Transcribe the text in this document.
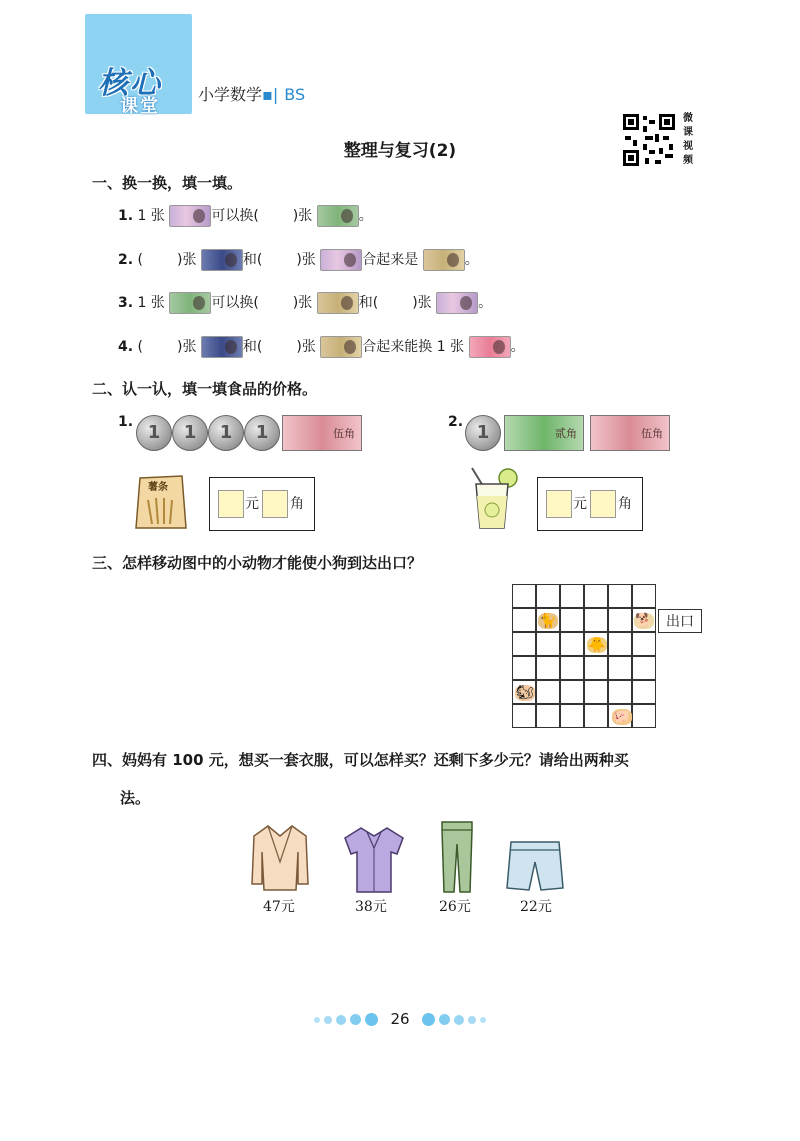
核心
课堂
小学数学▪| BS
微课视频
整理与复习(2)
一、换一换，填一填。
1. 1 张	可以换( )张	。
2. ( )张	和( )张	合起来是	。
3. 1 张	可以换( )张	和( )张	。
4. ( )张	和( )张	合起来能换 1 张	。
二、认一认，填一填食品的价格。
1. 1	1	1	1	伍角
2. 1	贰角	伍角
薯条
元 角	元 角
三、怎样移动图中的小动物才能使小狗到达出口？
出口
🐈	🐕
🐥
🐿
🐖
四、妈妈有 100 元，想买一套衣服，可以怎样买？还剩下多少元？请给出两种买
法。
47元	38元	26元	22元
26
